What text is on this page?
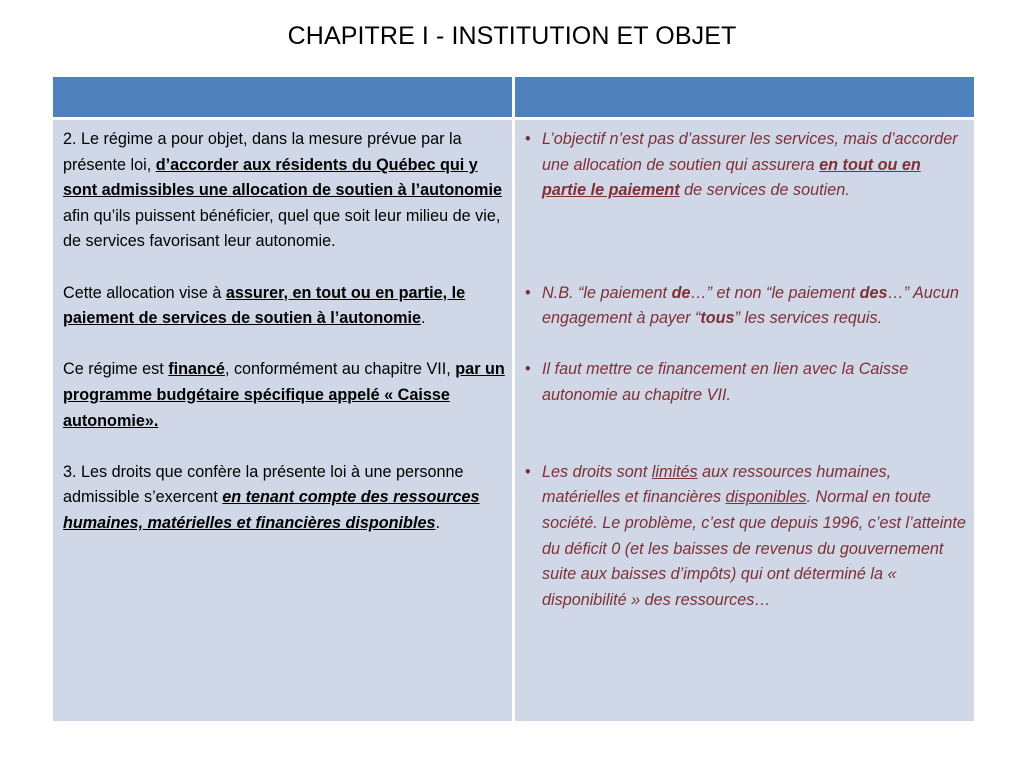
CHAPITRE I - INSTITUTION ET OBJET

2. Le régime a pour objet, dans la mesure prévue par la présente loi, d’accorder aux résidents du Québec qui y sont admissibles une allocation de soutien à l’autonomie afin qu’ils puissent bénéficier, quel que soit leur milieu de vie, de services favorisant leur autonomie.

Cette allocation vise à assurer, en tout ou en partie, le paiement de services de soutien à l’autonomie.

Ce régime est financé, conformément au chapitre VII, par un programme budgétaire spécifique appelé « Caisse autonomie».

3. Les droits que confère la présente loi à une personne admissible s’exercent en tenant compte des ressources humaines, matérielles et financières disponibles.

• L’objectif n’est pas d’assurer les services, mais d’accorder une allocation de soutien qui assurera en tout ou en partie le paiement de services de soutien.
• N.B. “le paiement de…” et non “le paiement des…” Aucun engagement à payer “tous” les services requis.
• Il faut mettre ce financement en lien avec la Caisse autonomie au chapitre VII.
• Les droits sont limités aux ressources humaines, matérielles et financières disponibles. Normal en toute société. Le problème, c’est que depuis 1996, c’est l’atteinte du déficit 0 (et les baisses de revenus du gouvernement suite aux baisses d’impôts) qui ont déterminé la « disponibilité » des ressources…
